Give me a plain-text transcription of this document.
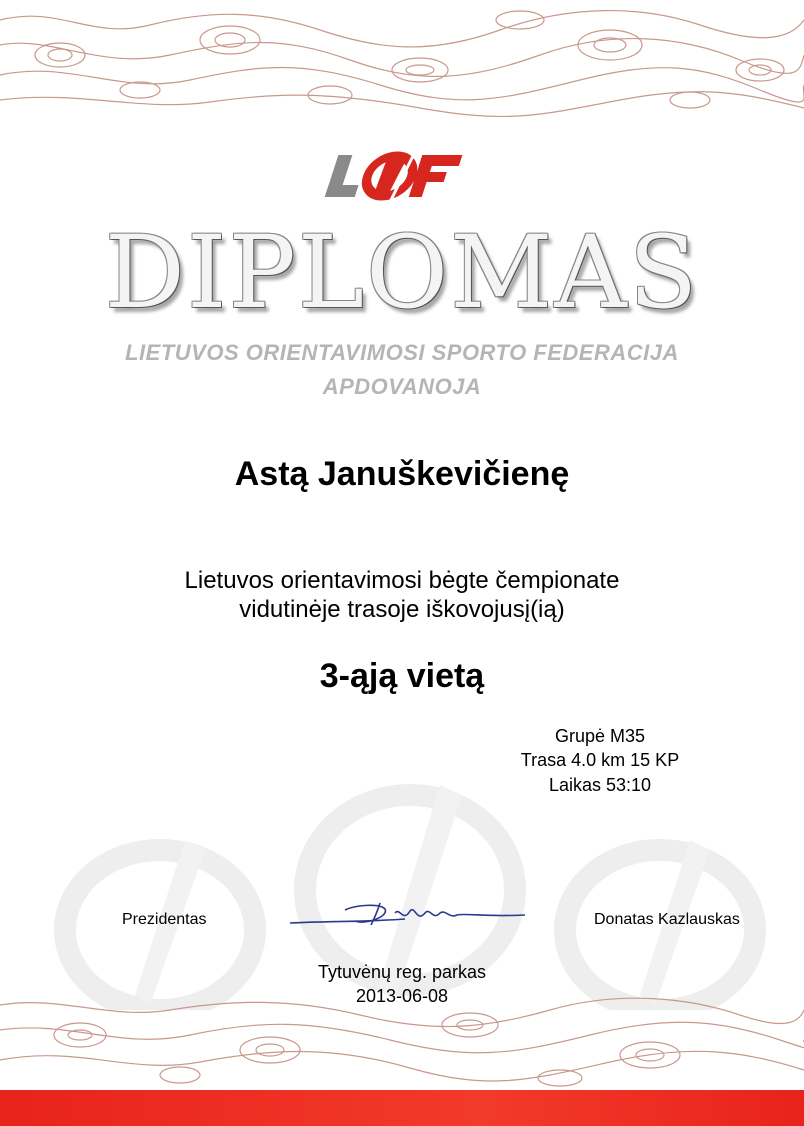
DIPLOMAS
LIETUVOS ORIENTAVIMOSI SPORTO FEDERACIJA
APDOVANOJA
Astą Januškevičienę
Lietuvos orientavimosi bėgte čempionate
vidutinėje trasoje iškovojusį(ią)
3-ąją vietą
Grupė M35
Trasa 4.0 km 15 KP
Laikas 53:10
Prezidentas	Donatas Kazlauskas
Tytuvėnų reg. parkas
2013-06-08
